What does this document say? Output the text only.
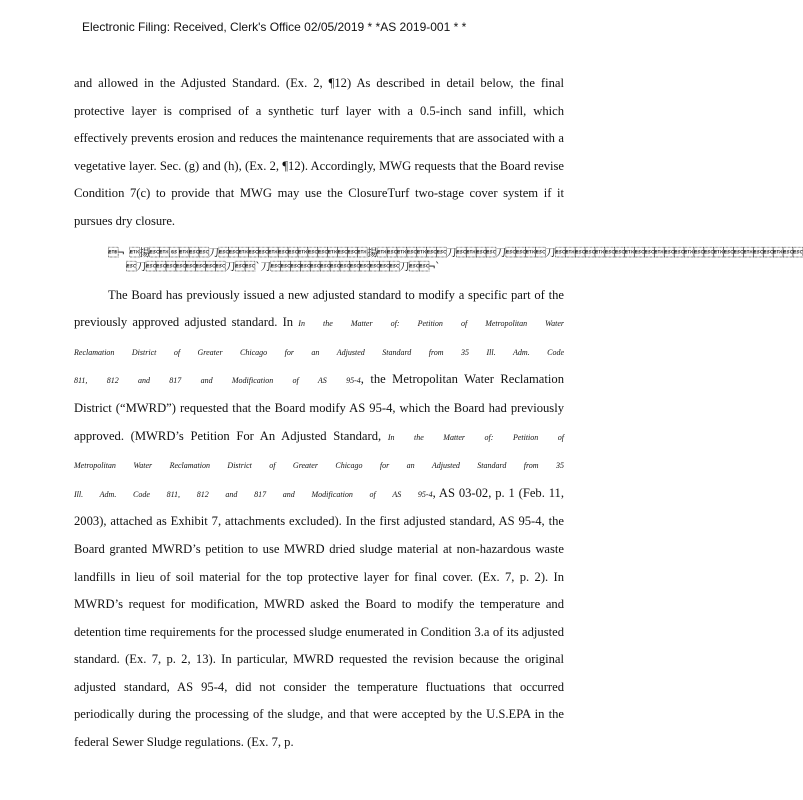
Electronic Filing: Received, Clerk's Office 02/05/2019 * *AS 2019-001 * *

and allowed in the Adjusted Standard. (Ex. 2, ¶12) As described in detail below, the final protective layer is comprised of a synthetic turf layer with a 0.5-inch sand infill, which effectively prevents erosion and reduces the maintenance requirements that are associated with a vegetative layer. Sec. (g) and (h), (Ex. 2, ¶12). Accordingly, MWG requests that the Board revise Condition 7(c) to provide that MWG may use the ClosureTurf two-stage cover system if it pursues dry closure.

¬ 揚刀揚刀刀刀
刀刀`刀刀¬`

The Board has previously issued a new adjusted standard to modify a specific part of the previously approved adjusted standard. In In the Matter of: Petition of Metropolitan Water Reclamation District of Greater Chicago for an Adjusted Standard from 35 Ill. Adm. Code 811, 812 and 817 and Modification of AS 95-4, the Metropolitan Water Reclamation District (“MWRD”) requested that the Board modify AS 95-4, which the Board had previously approved. (MWRD’s Petition For An Adjusted Standard, In the Matter of: Petition of Metropolitan Water Reclamation District of Greater Chicago for an Adjusted Standard from 35 Ill. Adm. Code 811, 812 and 817 and Modification of AS 95-4, AS 03-02, p. 1 (Feb. 11, 2003), attached as Exhibit 7, attachments excluded). In the first adjusted standard, AS 95-4, the Board granted MWRD’s petition to use MWRD dried sludge material at non-hazardous waste landfills in lieu of soil material for the top protective layer for final cover. (Ex. 7, p. 2). In MWRD’s request for modification, MWRD asked the Board to modify the temperature and detention time requirements for the processed sludge enumerated in Condition 3.a of its adjusted standard. (Ex. 7, p. 2, 13). In particular, MWRD requested the revision because the original adjusted standard, AS 95-4, did not consider the temperature fluctuations that occurred periodically during the processing of the sludge, and that were accepted by the U.S.EPA in the federal Sewer Sludge regulations. (Ex. 7, p.
